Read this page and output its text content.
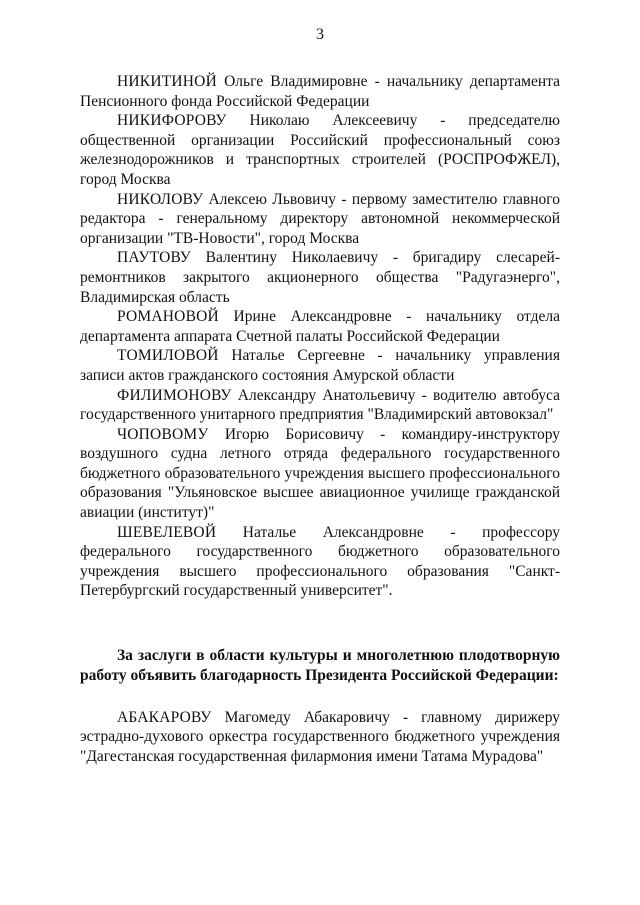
3

НИКИТИНОЙ Ольге Владимировне - начальнику департамента Пенсионного фонда Российской Федерации

НИКИФОРОВУ Николаю Алексеевичу - председателю общественной организации Российский профессиональный союз железнодорожников и транспортных строителей (РОСПРОФЖЕЛ), город Москва

НИКОЛОВУ Алексею Львовичу - первому заместителю главного редактора - генеральному директору автономной некоммерческой организации "ТВ-Новости", город Москва

ПАУТОВУ Валентину Николаевичу - бригадиру слесарей-ремонтников закрытого акционерного общества "Радугаэнерго", Владимирская область

РОМАНОВОЙ Ирине Александровне - начальнику отдела департамента аппарата Счетной палаты Российской Федерации

ТОМИЛОВОЙ Наталье Сергеевне - начальнику управления записи актов гражданского состояния Амурской области

ФИЛИМОНОВУ Александру Анатольевичу - водителю автобуса государственного унитарного предприятия "Владимирский автовокзал"

ЧОПОВОМУ Игорю Борисовичу - командиру-инструктору воздушного судна летного отряда федерального государственного бюджетного образовательного учреждения высшего профессионального образования "Ульяновское высшее авиационное училище гражданской авиации (институт)"

ШЕВЕЛЕВОЙ Наталье Александровне - профессору федерального государственного бюджетного образовательного учреждения высшего профессионального образования "Санкт-Петербургский государственный университет".

За заслуги в области культуры и многолетнюю плодотворную работу объявить благодарность Президента Российской Федерации:

АБАКАРОВУ Магомеду Абакаровичу - главному дирижеру эстрадно-духового оркестра государственного бюджетного учреждения "Дагестанская государственная филармония имени Татама Мурадова"
